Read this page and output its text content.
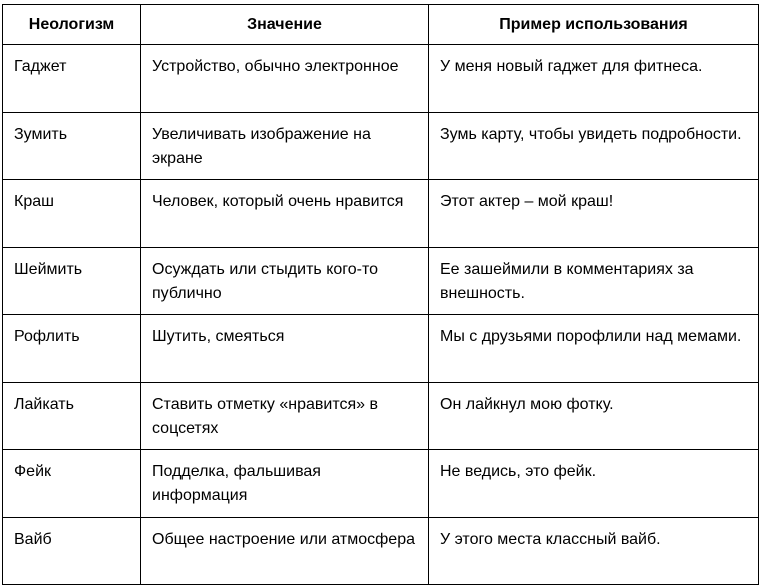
Неологизм	Значение	Пример использования
Гаджет	Устройство, обычно электронное	У меня новый гаджет для фитнеса.
Зумить	Увеличивать изображение на экране	Зумь карту, чтобы увидеть подробности.
Краш	Человек, который очень нравится	Этот актер – мой краш!
Шеймить	Осуждать или стыдить кого-то публично	Ее зашеймили в комментариях за внешность.
Рофлить	Шутить, смеяться	Мы с друзьями порофлили над мемами.
Лайкать	Ставить отметку «нравится» в соцсетях	Он лайкнул мою фотку.
Фейк	Подделка, фальшивая информация	Не ведись, это фейк.
Вайб	Общее настроение или атмосфера	У этого места классный вайб.
